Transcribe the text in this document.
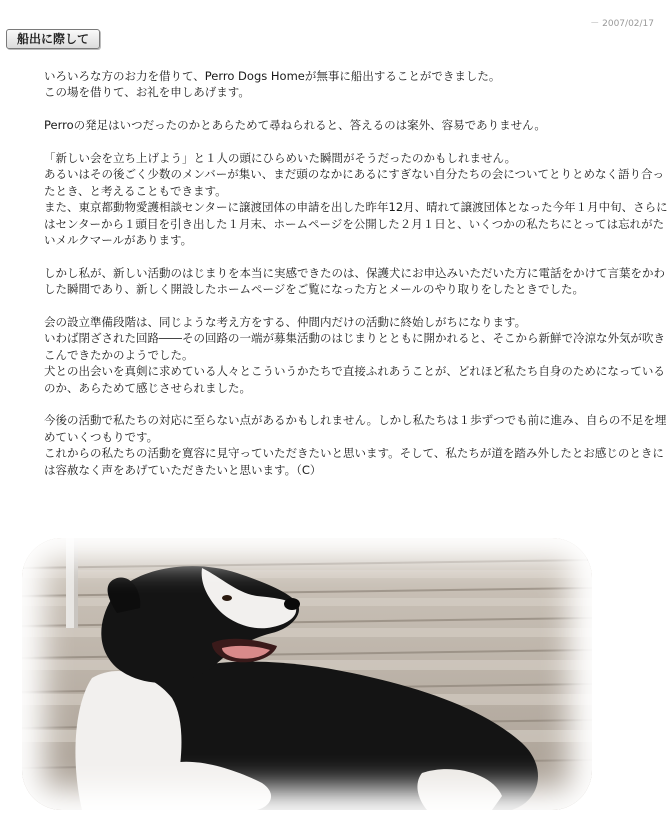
－ 2007/02/17
船出に際して

いろいろな方のお力を借りて、Perro Dogs Homeが無事に船出することができました。
この場を借りて、お礼を申しあげます。

Perroの発足はいつだったのかとあらためて尋ねられると、答えるのは案外、容易でありません。

「新しい会を立ち上げよう」と１人の頭にひらめいた瞬間がそうだったのかもしれません。
あるいはその後ごく少数のメンバーが集い、まだ頭のなかにあるにすぎない自分たちの会についてとりとめなく語り合ったとき、と考えることもできます。
また、東京都動物愛護相談センターに譲渡団体の申請を出した昨年12月、晴れて譲渡団体となった今年１月中旬、さらにはセンターから１頭目を引き出した１月末、ホームページを公開した２月１日と、いくつかの私たちにとっては忘れがたいメルクマールがあります。

しかし私が、新しい活動のはじまりを本当に実感できたのは、保護犬にお申込みいただいた方に電話をかけて言葉をかわした瞬間であり、新しく開設したホームページをご覧になった方とメールのやり取りをしたときでした。

会の設立準備段階は、同じような考え方をする、仲間内だけの活動に終始しがちになります。
いわば閉ざされた回路――その回路の一端が募集活動のはじまりとともに開かれると、そこから新鮮で冷涼な外気が吹きこんできたかのようでした。
犬との出会いを真剣に求めている人々とこういうかたちで直接ふれあうことが、どれほど私たち自身のためになっているのか、あらためて感じさせられました。

今後の活動で私たちの対応に至らない点があるかもしれません。しかし私たちは１歩ずつでも前に進み、自らの不足を埋めていくつもりです。
これからの私たちの活動を寛容に見守っていただきたいと思います。そして、私たちが道を踏み外したとお感じのときには容赦なく声をあげていただきたいと思います。（C）
